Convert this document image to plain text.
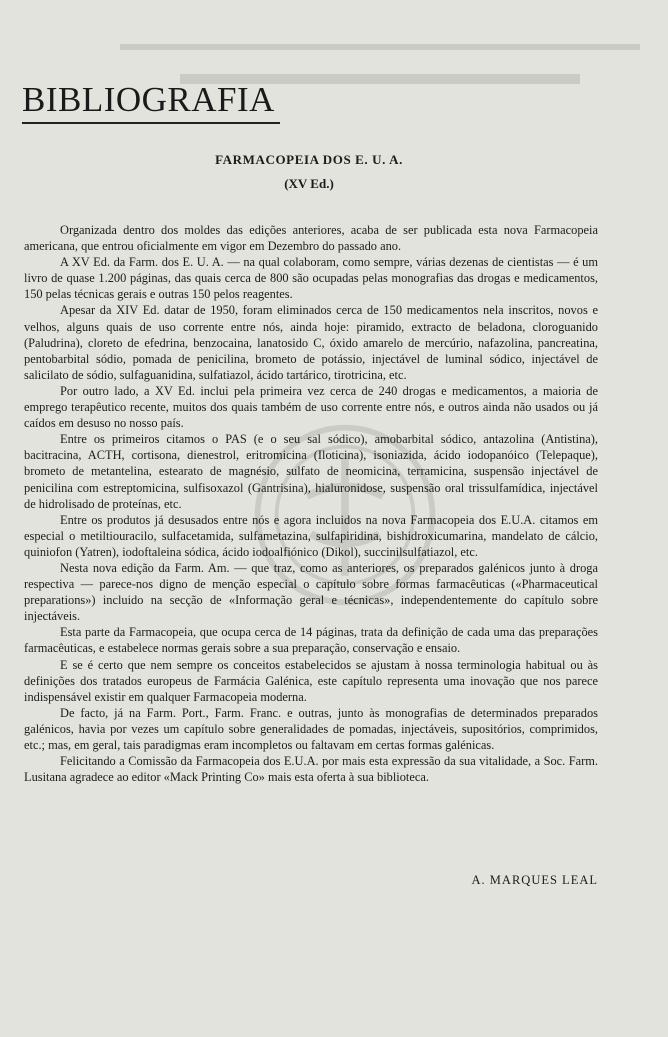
BIBLIOGRAFIA
FARMACOPEIA DOS E. U. A.
(XV Ed.)

Organizada dentro dos moldes das edições anteriores, acaba de ser publicada esta nova Farmacopeia americana, que entrou oficialmente em vigor em Dezembro do passado ano.

A XV Ed. da Farm. dos E. U. A. — na qual colaboram, como sempre, várias dezenas de cientistas — é um livro de quase 1.200 páginas, das quais cerca de 800 são ocupadas pelas monografias das drogas e medicamentos, 150 pelas técnicas gerais e outras 150 pelos reagentes.

Apesar da XIV Ed. datar de 1950, foram eliminados cerca de 150 medicamentos nela inscritos, novos e velhos, alguns quais de uso corrente entre nós, ainda hoje: piramido, extracto de beladona, cloroguanido (Paludrina), cloreto de efedrina, benzocaina, lanatosido C, óxido amarelo de mercúrio, nafazolina, pancreatina, pentobarbital sódio, pomada de penicilina, brometo de potássio, injectável de luminal sódico, injectável de salicilato de sódio, sulfaguanidina, sulfatiazol, ácido tartárico, tirotricina, etc.

Por outro lado, a XV Ed. inclui pela primeira vez cerca de 240 drogas e medicamentos, a maioria de emprego terapêutico recente, muitos dos quais também de uso corrente entre nós, e outros ainda não usados ou já caídos em desuso no nosso país.

Entre os primeiros citamos o PAS (e o seu sal sódico), amobarbital sódico, antazolina (Antistina), bacitracina, ACTH, cortisona, dienestrol, eritromicina (Iloticina), isoniazida, ácido iodopanóico (Telepaque), brometo de metantelina, estearato de magnésio, sulfato de neomicina, terramicina, suspensão injectável de penicilina com estreptomicina, sulfisoxazol (Gantrisina), hialuronidose, suspensão oral trissulfamídica, injectável de hidrolisado de proteínas, etc.

Entre os produtos já desusados entre nós e agora incluidos na nova Farmacopeia dos E.U.A. citamos em especial o metiltiouracilo, sulfacetamida, sulfametazina, sulfapiridina, bishidroxicumarina, mandelato de cálcio, quiniofon (Yatren), iodoftaleina sódica, ácido iodoalfiónico (Dikol), succinilsulfatiazol, etc.

Nesta nova edição da Farm. Am. — que traz, como as anteriores, os preparados galénicos junto à droga respectiva — parece-nos digno de menção especial o capítulo sobre formas farmacêuticas («Pharmaceutical preparations») incluido na secção de «Informação geral e técnicas», independentemente do capítulo sobre injectáveis.

Esta parte da Farmacopeia, que ocupa cerca de 14 páginas, trata da definição de cada uma das preparações farmacêuticas, e estabelece normas gerais sobre a sua preparação, conservação e ensaio.

E se é certo que nem sempre os conceitos estabelecidos se ajustam à nossa terminologia habitual ou às definições dos tratados europeus de Farmácia Galénica, este capítulo representa uma inovação que nos parece indispensável existir em qualquer Farmacopeia moderna.

De facto, já na Farm. Port., Farm. Franc. e outras, junto às monografias de determinados preparados galénicos, havia por vezes um capítulo sobre generalidades de pomadas, injectáveis, supositórios, comprimidos, etc.; mas, em geral, tais paradigmas eram incompletos ou faltavam em certas formas galénicas.

Felicitando a Comissão da Farmacopeia dos E.U.A. por mais esta expressão da sua vitalidade, a Soc. Farm. Lusitana agradece ao editor «Mack Printing Co» mais esta oferta à sua biblioteca.

A. MARQUES LEAL
